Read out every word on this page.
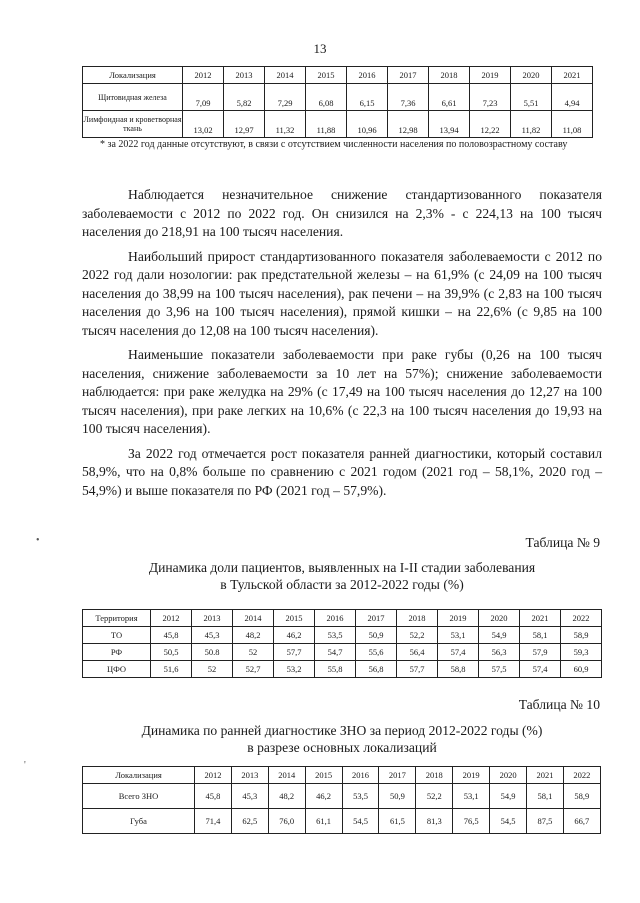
13
Локализация	2012	2013	2014	2015	2016	2017	2018	2019	2020	2021
Щитовидная железа	7,09	5,82	7,29	6,08	6,15	7,36	6,61	7,23	5,51	4,94
Лимфоидная и кроветворная ткань	13,02	12,97	11,32	11,88	10,96	12,98	13,94	12,22	11,82	11,08
* за 2022 год данные отсутствуют, в связи с отсутствием численности населения по половозрастному составу

Наблюдается незначительное снижение стандартизованного показателя заболеваемости с 2012 по 2022 год. Он снизился на 2,3% - с 224,13 на 100 тысяч населения до 218,91 на 100 тысяч населения.

Наибольший прирост стандартизованного показателя заболеваемости с 2012 по 2022 год дали нозологии: рак предстательной железы – на 61,9% (с 24,09 на 100 тысяч населения до 38,99 на 100 тысяч населения), рак печени – на 39,9% (с 2,83 на 100 тысяч населения до 3,96 на 100 тысяч населения), прямой кишки – на 22,6% (с 9,85 на 100 тысяч населения до 12,08 на 100 тысяч населения).

Наименьшие показатели заболеваемости при раке губы (0,26 на 100 тысяч населения, снижение заболеваемости за 10 лет на 57%); снижение заболеваемости наблюдается: при раке желудка на 29% (с 17,49 на 100 тысяч населения до 12,27 на 100 тысяч населения), при раке легких на 10,6% (с 22,3 на 100 тысяч населения до 19,93 на 100 тысяч населения).

За 2022 год отмечается рост показателя ранней диагностики, который составил 58,9%, что на 0,8% больше по сравнению с 2021 годом (2021 год – 58,1%, 2020 год – 54,9%) и выше показателя по РФ (2021 год – 57,9%).

•
'
Таблица № 9
Динамика доли пациентов, выявленных на I-II стадии заболевания
в Тульской области за 2012-2022 годы (%)
Территория	2012	2013	2014	2015	2016	2017	2018	2019	2020	2021	2022
ТО	45,8	45,3	48,2	46,2	53,5	50,9	52,2	53,1	54,9	58,1	58,9
РФ	50,5	50.8	52	57,7	54,7	55,6	56,4	57,4	56,3	57,9	59,3
ЦФО	51,6	52	52,7	53,2	55,8	56,8	57,7	58,8	57,5	57,4	60,9
Таблица № 10
Динамика по ранней диагностике ЗНО за период 2012-2022 годы (%)
в разрезе основных локализаций
Локализация	2012	2013	2014	2015	2016	2017	2018	2019	2020	2021	2022
Всего ЗНО	45,8	45,3	48,2	46,2	53,5	50,9	52,2	53,1	54,9	58,1	58,9
Губа	71,4	62,5	76,0	61,1	54,5	61,5	81,3	76,5	54,5	87,5	66,7
